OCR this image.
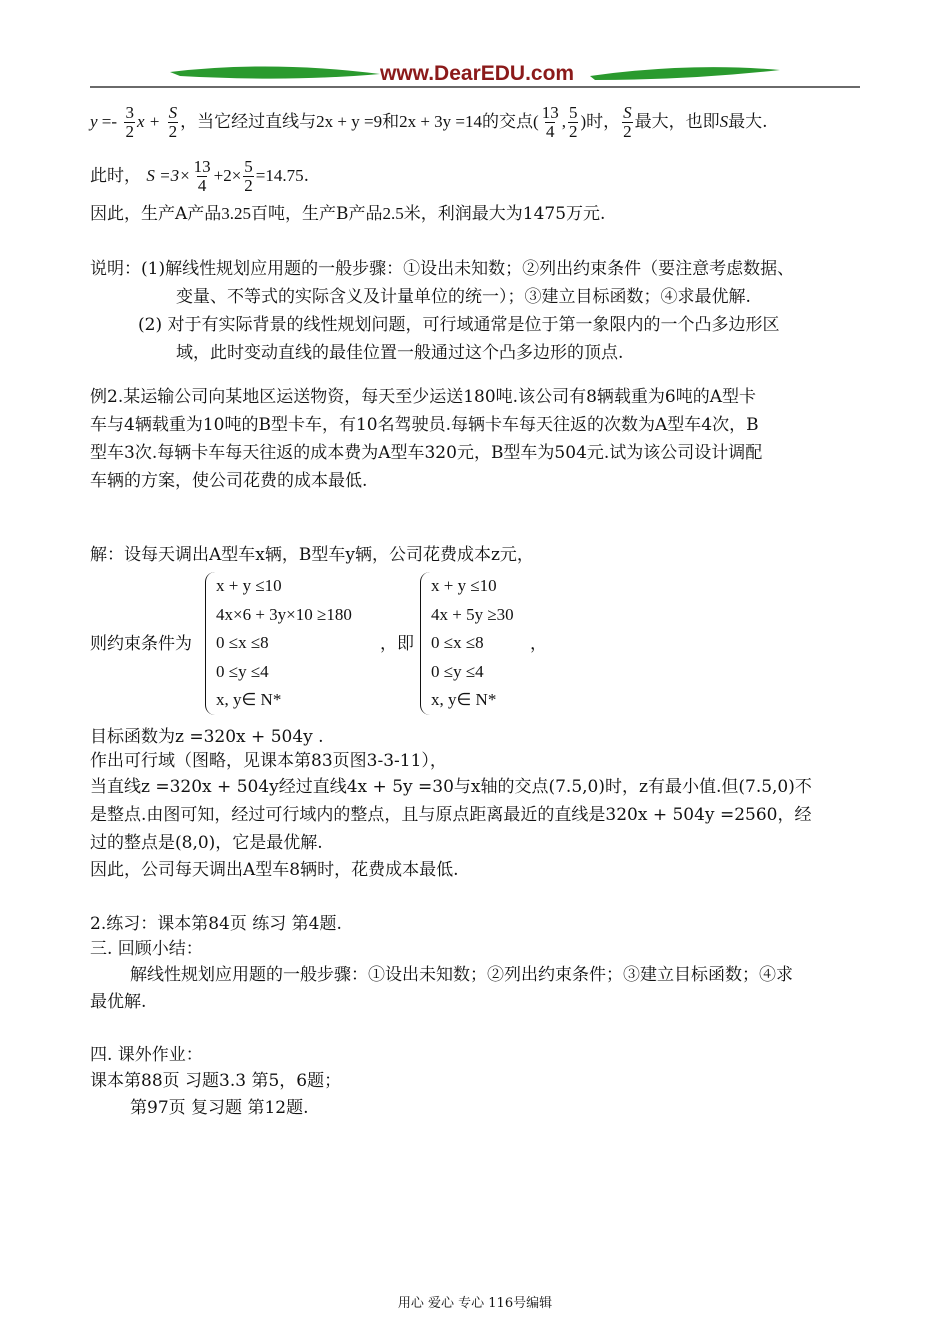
www.DearEDU.com
$y =- \frac{3}{2}$ $x + \frac{S}{2}$ ，当它经过直线与2x + y =9和2x + 3y =14的交点( $\frac{13}{4}$ , $\frac{5}{2}$ )时， $\frac{S}{2}$ 最大，也即S最大.
此时， $S =3\times \frac{13}{4} +2\times \frac{5}{2} =14.75$.
因此，生产A产品3.25百吨，生产B产品2.5米，利润最大为1475万元.
说明：(1)解线性规划应用题的一般步骤：①设出未知数；②列出约束条件（要注意考虑数据、
变量、不等式的实际含义及计量单位的统一）；③建立目标函数；④求最优解.
(2) 对于有实际背景的线性规划问题，可行域通常是位于第一象限内的一个凸多边形区
域，此时变动直线的最佳位置一般通过这个凸多边形的顶点.
例2.某运输公司向某地区运送物资，每天至少运送180吨.该公司有8辆载重为6吨的A型卡
车与4辆载重为10吨的B型卡车，有10名驾驶员.每辆卡车每天往返的次数为A型车4次，B
型车3次.每辆卡车每天往返的成本费为A型车320元，B型车为504元.试为该公司设计调配
车辆的方案，使公司花费的成本最低.
解：设每天调出A型车x辆，B型车y辆，公司花费成本z元，
则约束条件为
x + y ≤10
4x×6 + 3y×10 ≥180
0 ≤x ≤8
0 ≤y ≤4
x, y∈ N*
，即
x + y ≤10
4x + 5y ≥30
0 ≤x ≤8
0 ≤y ≤4
x, y∈ N*
，
目标函数为z =320x + 504y .
作出可行域（图略，见课本第83页图3-3-11），
当直线z =320x + 504y经过直线4x + 5y =30与x轴的交点(7.5,0)时，z有最小值.但(7.5,0)不
是整点.由图可知，经过可行域内的整点，且与原点距离最近的直线是320x + 504y =2560，经
过的整点是(8,0)，它是最优解.
因此，公司每天调出A型车8辆时，花费成本最低.
2.练习：课本第84页 练习 第4题.
三. 回顾小结：
解线性规划应用题的一般步骤：①设出未知数；②列出约束条件；③建立目标函数；④求
最优解.
四. 课外作业：
课本第88页 习题3.3 第5，6题；
第97页 复习题 第12题.
用心 爱心 专心 116号编辑
